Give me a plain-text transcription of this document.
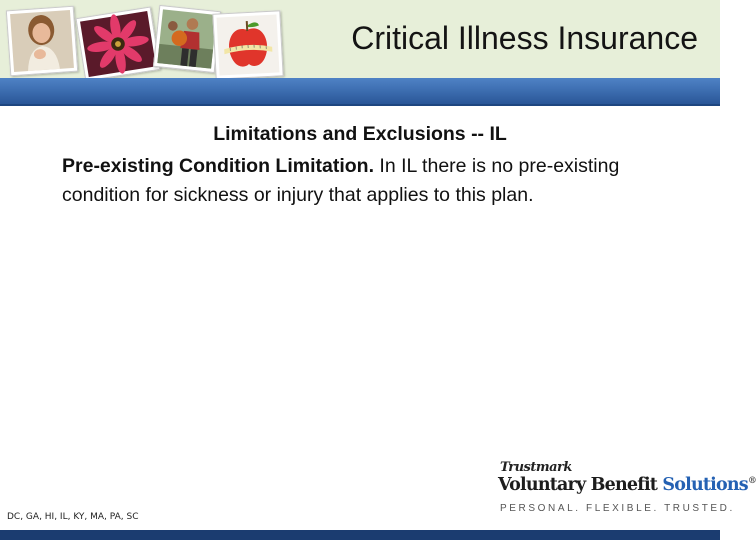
Critical Illness Insurance
Limitations and Exclusions -- IL
Pre-existing Condition Limitation. In IL there is no pre-existing condition for sickness or injury that applies to this plan.
DC, GA, HI, IL, KY, MA, PA, SC
Trustmark
Voluntary Benefit Solutions®
PERSONAL. FLEXIBLE. TRUSTED.
